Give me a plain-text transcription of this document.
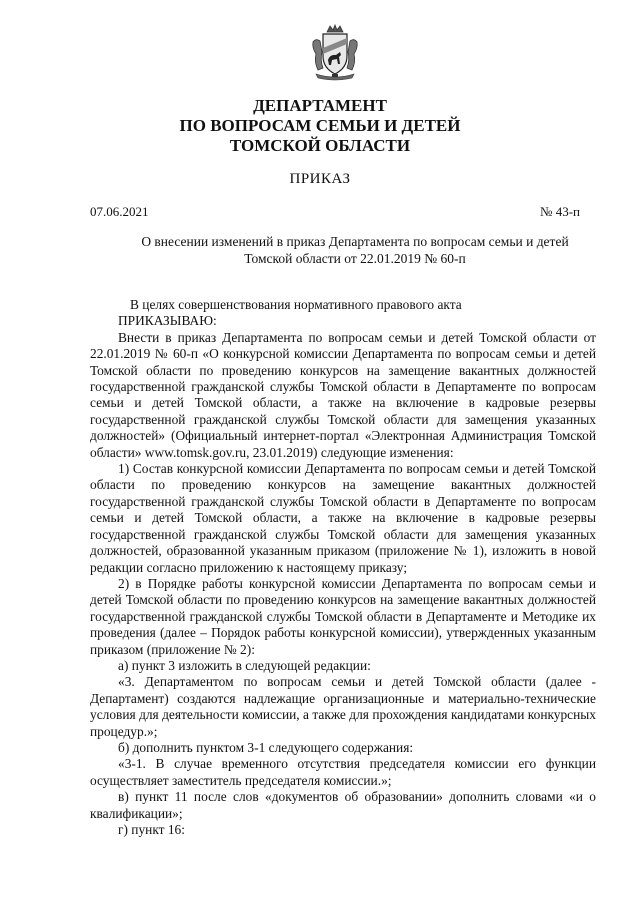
ДЕПАРТАМЕНТ
ПО ВОПРОСАМ СЕМЬИ И ДЕТЕЙ
ТОМСКОЙ ОБЛАСТИ
ПРИКАЗ
07.06.2021	№ 43-п
О внесении изменений в приказ Департамента по вопросам семьи и детей
Томской области от 22.01.2019 № 60-п

В целях совершенствования нормативного правового акта

ПРИКАЗЫВАЮ:

Внести в приказ Департамента по вопросам семьи и детей Томской области от 22.01.2019 № 60-п «О конкурсной комиссии Департамента по вопросам семьи и детей Томской области по проведению конкурсов на замещение вакантных должностей государственной гражданской службы Томской области в Департаменте по вопросам семьи и детей Томской области, а также на включение в кадровые резервы государственной гражданской службы Томской области для замещения указанных должностей» (Официальный интернет-портал «Электронная Администрация Томской области» www.tomsk.gov.ru, 23.01.2019) следующие изменения:

1) Состав конкурсной комиссии Департамента по вопросам семьи и детей Томской области по проведению конкурсов на замещение вакантных должностей государственной гражданской службы Томской области в Департаменте по вопросам семьи и детей Томской области, а также на включение в кадровые резервы государственной гражданской службы Томской области для замещения указанных должностей, образованной указанным приказом (приложение № 1), изложить в новой редакции согласно приложению к настоящему приказу;

2) в Порядке работы конкурсной комиссии Департамента по вопросам семьи и детей Томской области по проведению конкурсов на замещение вакантных должностей государственной гражданской службы Томской области в Департаменте и Методике их проведения (далее – Порядок работы конкурсной комиссии), утвержденных указанным приказом (приложение № 2):

а) пункт 3 изложить в следующей редакции:

«3. Департаментом по вопросам семьи и детей Томской области (далее - Департамент) создаются надлежащие организационные и материально-технические условия для деятельности комиссии, а также для прохождения кандидатами конкурсных процедур.»;

б) дополнить пунктом 3-1 следующего содержания:

«3-1. В случае временного отсутствия председателя комиссии его функции осуществляет заместитель председателя комиссии.»;

в) пункт 11 после слов «документов об образовании» дополнить словами «и о квалификации»;

г) пункт 16:
